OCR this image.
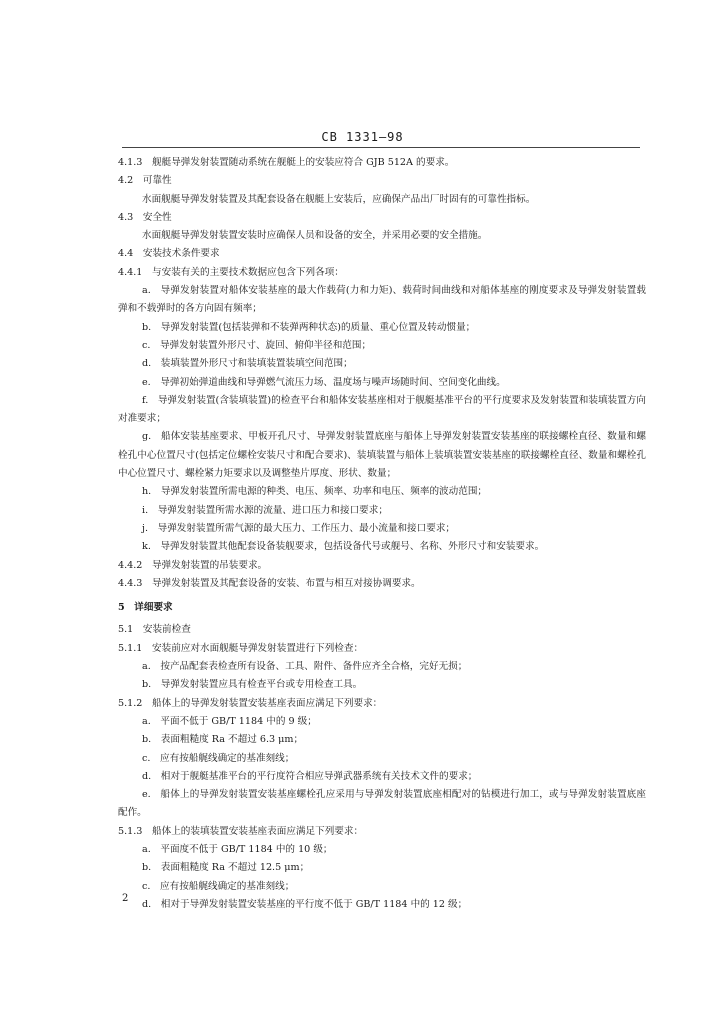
CB 1331—98
4.1.3　舰艇导弹发射装置随动系统在舰艇上的安装应符合 GJB 512A 的要求。
4.2　可靠性
水面舰艇导弹发射装置及其配套设备在舰艇上安装后，应确保产品出厂时固有的可靠性指标。
4.3　安全性
水面舰艇导弹发射装置安装时应确保人员和设备的安全，并采用必要的安全措施。
4.4　安装技术条件要求
4.4.1　与安装有关的主要技术数据应包含下列各项：
a.　导弹发射装置对船体安装基座的最大作载荷(力和力矩)、载荷时间曲线和对船体基座的刚度要求及导弹发射装置载弹和不载弹时的各方向固有频率；
b.　导弹发射装置(包括装弹和不装弹两种状态)的质量、重心位置及转动惯量；
c.　导弹发射装置外形尺寸、旋回、俯仰半径和范围；
d.　装填装置外形尺寸和装填装置装填空间范围；
e.　导弹初始弹道曲线和导弹燃气流压力场、温度场与噪声场随时间、空间变化曲线。
f.　导弹发射装置(含装填装置)的检查平台和船体安装基座相对于舰艇基准平台的平行度要求及发射装置和装填装置方向对准要求；
g.　船体安装基座要求、甲板开孔尺寸、导弹发射装置底座与船体上导弹发射装置安装基座的联接螺栓直径、数量和螺栓孔中心位置尺寸(包括定位螺栓安装尺寸和配合要求)、装填装置与船体上装填装置安装基座的联接螺栓直径、数量和螺栓孔中心位置尺寸、螺栓紧力矩要求以及调整垫片厚度、形状、数量；
h.　导弹发射装置所需电源的种类、电压、频率、功率和电压、频率的波动范围；
i.　导弹发射装置所需水源的流量、进口压力和接口要求；
j.　导弹发射装置所需气源的最大压力、工作压力、最小流量和接口要求；
k.　导弹发射装置其他配套设备装舰要求，包括设备代号或舰号、名称、外形尺寸和安装要求。
4.4.2　导弹发射装置的吊装要求。
4.4.3　导弹发射装置及其配套设备的安装、布置与相互对接协调要求。
5　详细要求
5.1　安装前检查
5.1.1　安装前应对水面舰艇导弹发射装置进行下列检查：
a.　按产品配套表检查所有设备、工具、附件、备件应齐全合格，完好无损；
b.　导弹发射装置应具有检查平台或专用检查工具。
5.1.2　船体上的导弹发射装置安装基座表面应满足下列要求：
a.　平面不低于 GB/T 1184 中的 9 级；
b.　表面粗糙度 Ra 不超过 6.3 μm；
c.　应有按船艉线确定的基准刻线；
d.　相对于舰艇基准平台的平行度符合相应导弹武器系统有关技术文件的要求；
e.　船体上的导弹发射装置安装基座螺栓孔应采用与导弹发射装置底座相配对的钻模进行加工，或与导弹发射装置底座配作。
5.1.3　船体上的装填装置安装基座表面应满足下列要求：
a.　平面度不低于 GB/T 1184 中的 10 级；
b.　表面粗糙度 Ra 不超过 12.5 μm；
c.　应有按船艉线确定的基准刻线；
d.　相对于导弹发射装置安装基座的平行度不低于 GB/T 1184 中的 12 级；
2
